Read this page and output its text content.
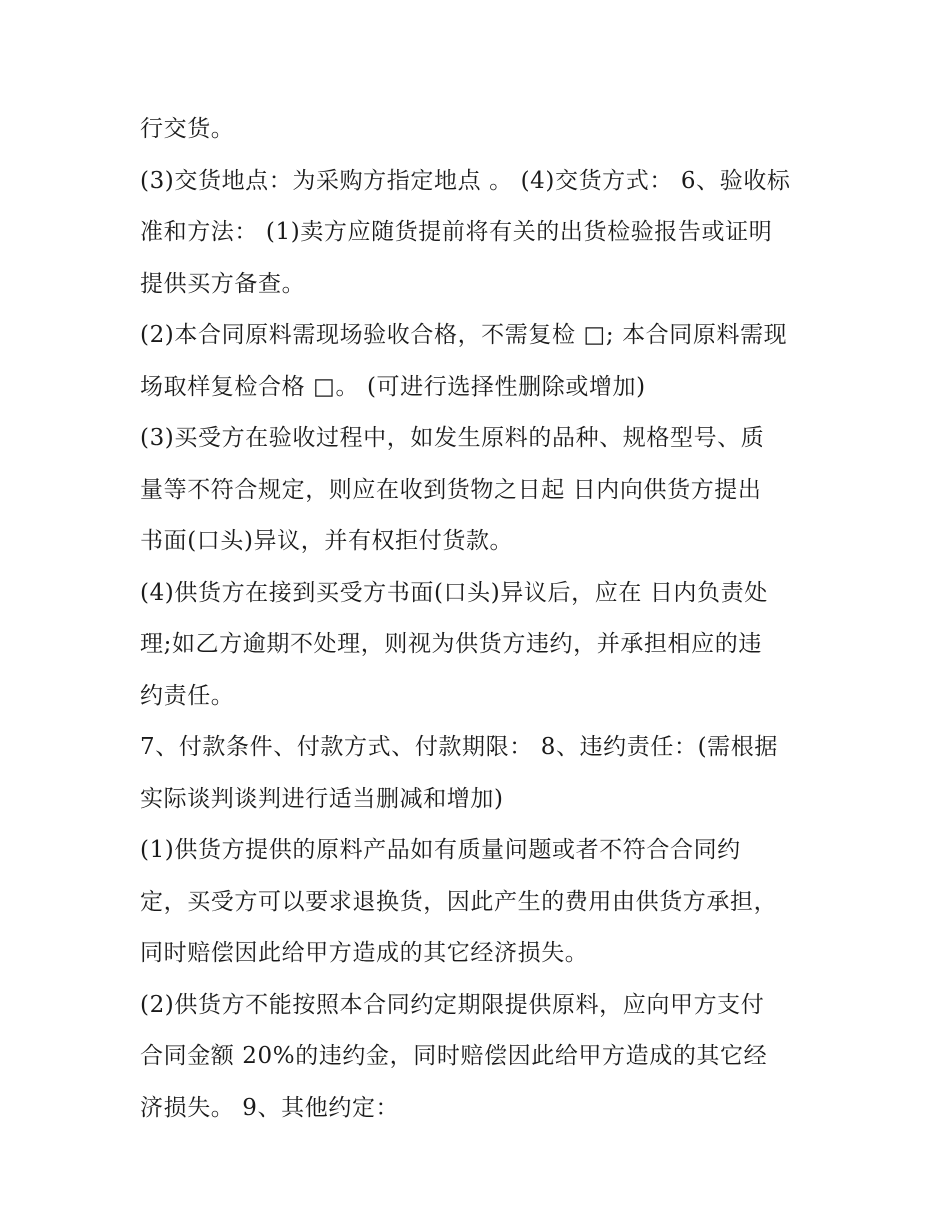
行交货。
(3)交货地点：为采购方指定地点 。 (4)交货方式： 6、验收标
准和方法： (1)卖方应随货提前将有关的出货检验报告或证明
提供买方备查。
(2)本合同原料需现场验收合格，不需复检 □; 本合同原料需现
场取样复检合格 □。 (可进行选择性删除或增加)
(3)买受方在验收过程中，如发生原料的品种、规格型号、质
量等不符合规定，则应在收到货物之日起 日内向供货方提出
书面(口头)异议，并有权拒付货款。
(4)供货方在接到买受方书面(口头)异议后，应在 日内负责处
理;如乙方逾期不处理，则视为供货方违约，并承担相应的违
约责任。
7、付款条件、付款方式、付款期限： 8、违约责任：(需根据
实际谈判谈判进行适当删减和增加)
(1)供货方提供的原料产品如有质量问题或者不符合合同约
定，买受方可以要求退换货，因此产生的费用由供货方承担，
同时赔偿因此给甲方造成的其它经济损失。
(2)供货方不能按照本合同约定期限提供原料，应向甲方支付
合同金额 20%的违约金，同时赔偿因此给甲方造成的其它经
济损失。 9、其他约定：
